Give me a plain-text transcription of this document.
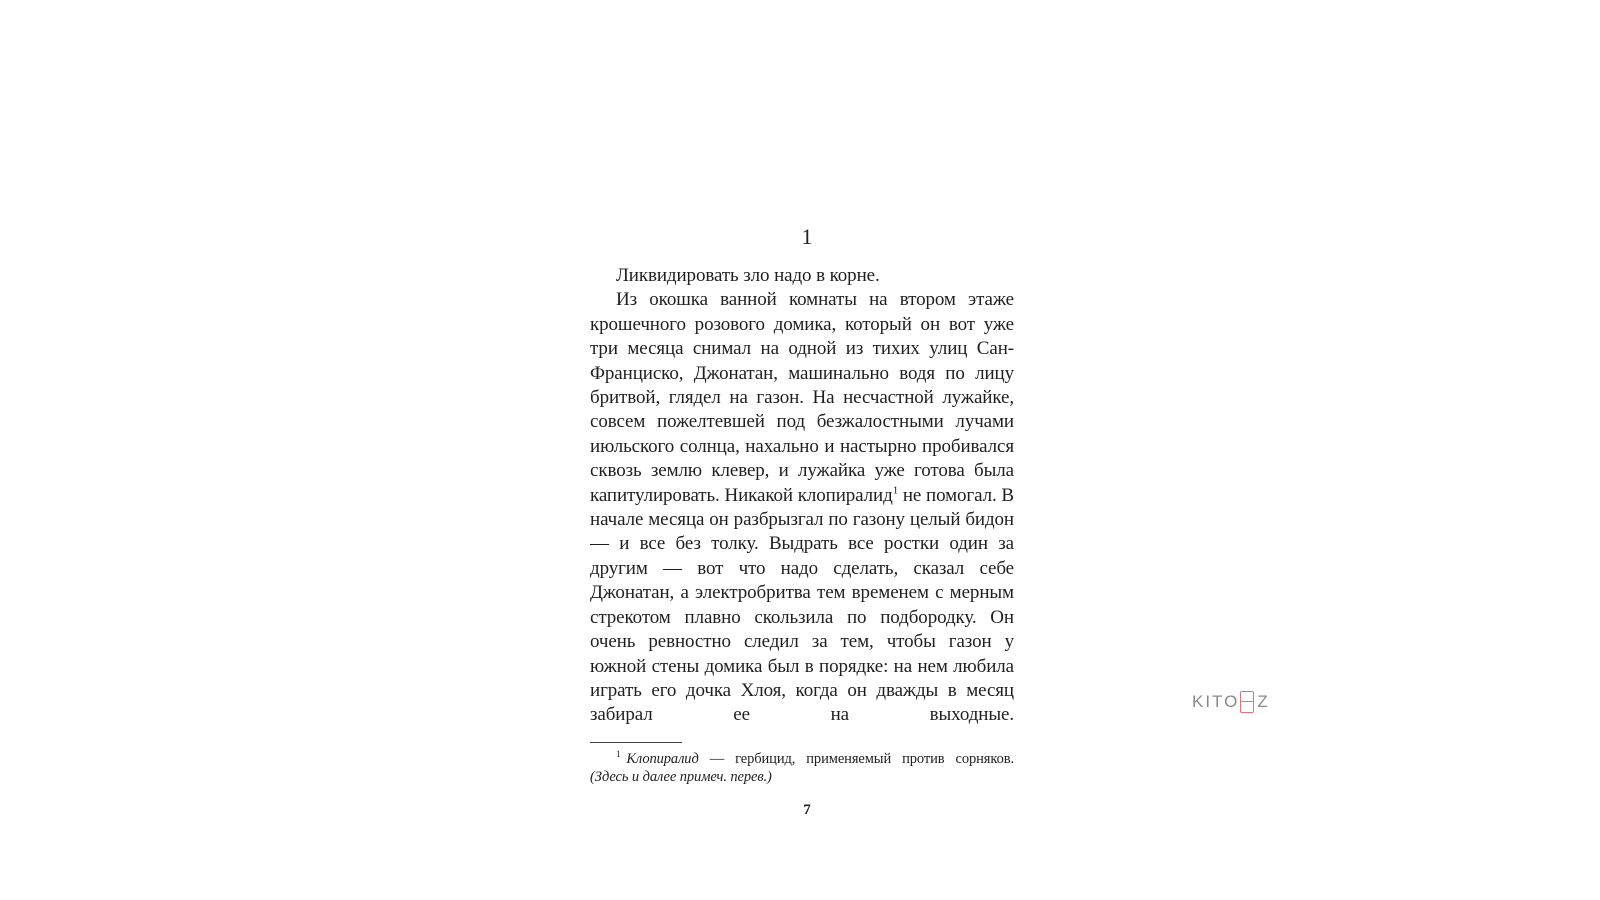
1

Ликвидировать зло надо в корне.

Из окошка ванной комнаты на втором этаже крошечного розового домика, который он вот уже три месяца снимал на одной из тихих улиц Сан-Франциско, Джонатан, машинально водя по лицу бритвой, глядел на газон. На несчастной лужайке, совсем пожелтевшей под безжалостными лучами июльского солнца, нахально и настырно пробивался сквозь землю клевер, и лужайка уже готова была капитулировать. Никакой клопиралид$^1$ не помогал. В начале месяца он разбрызгал по газону целый бидон — и все без толку. Выдрать все ростки один за другим — вот что надо сделать, сказал себе Джонатан, а электробритва тем временем с мерным стрекотом плавно скользила по подбородку. Он очень ревностно следил за тем, чтобы газон у южной стены домика был в порядке: на нем любила играть его дочка Хлоя, когда он дважды в месяц забирал ее на выходные.

$^1$ Клопиралид — гербицид, применяемый против сорняков. (Здесь и далее примеч. перев.)

7
KITO Z
